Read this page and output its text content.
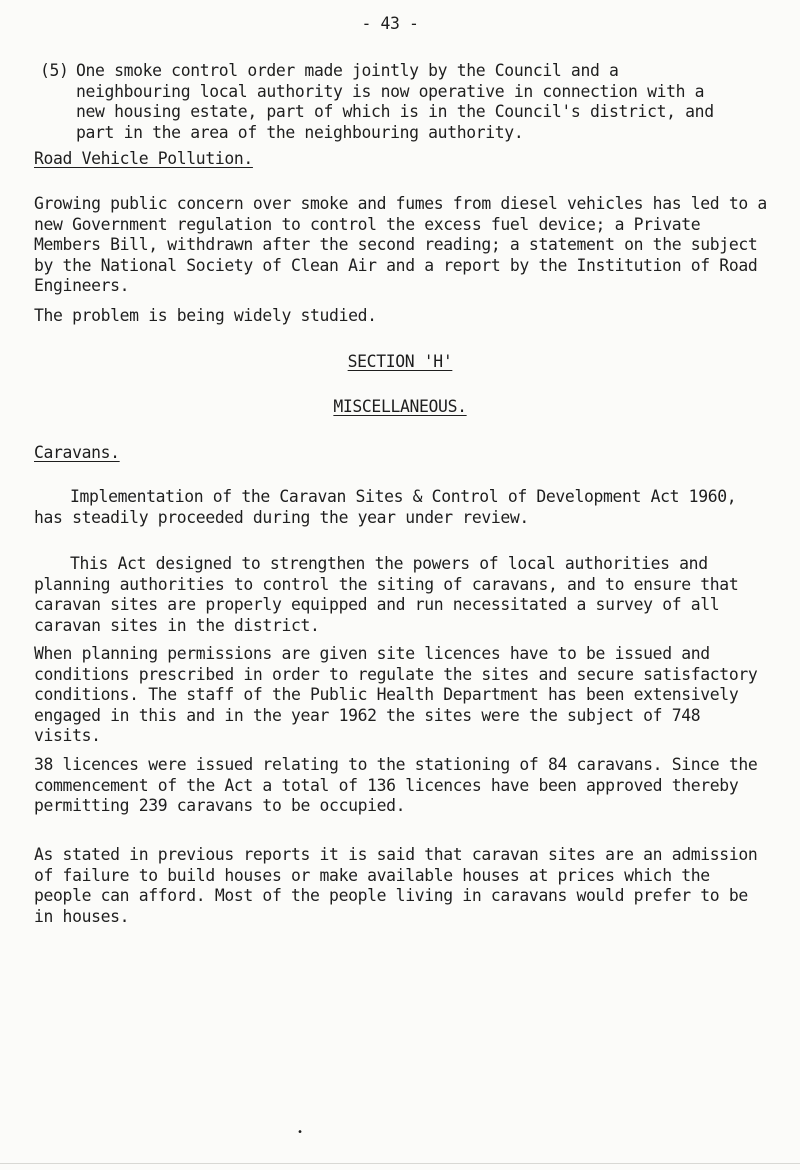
- 43 -
(5) One smoke control order made jointly by the Council and a neighbouring local authority is now operative in connection with a new housing estate, part of which is in the Council's district, and part in the area of the neighbouring authority.

Road Vehicle Pollution.

Growing public concern over smoke and fumes from diesel vehicles has led to a new Government regulation to control the excess fuel device; a Private Members Bill, withdrawn after the second reading; a statement on the subject by the National Society of Clean Air and a report by the Institution of Road Engineers.

The problem is being widely studied.

SECTION 'H'
MISCELLANEOUS.
Caravans.

Implementation of the Caravan Sites & Control of Development Act 1960, has steadily proceeded during the year under review.

This Act designed to strengthen the powers of local authorities and planning authorities to control the siting of caravans, and to ensure that caravan sites are properly equipped and run necessitated a survey of all caravan sites in the district.

When planning permissions are given site licences have to be issued and conditions prescribed in order to regulate the sites and secure satisfactory conditions. The staff of the Public Health Department has been extensively engaged in this and in the year 1962 the sites were the subject of 748 visits.

38 licences were issued relating to the stationing of 84 caravans. Since the commencement of the Act a total of 136 licences have been approved thereby permitting 239 caravans to be occupied.

As stated in previous reports it is said that caravan sites are an admission of failure to build houses or make available houses at prices which the people can afford. Most of the people living in caravans would prefer to be in houses.

•
